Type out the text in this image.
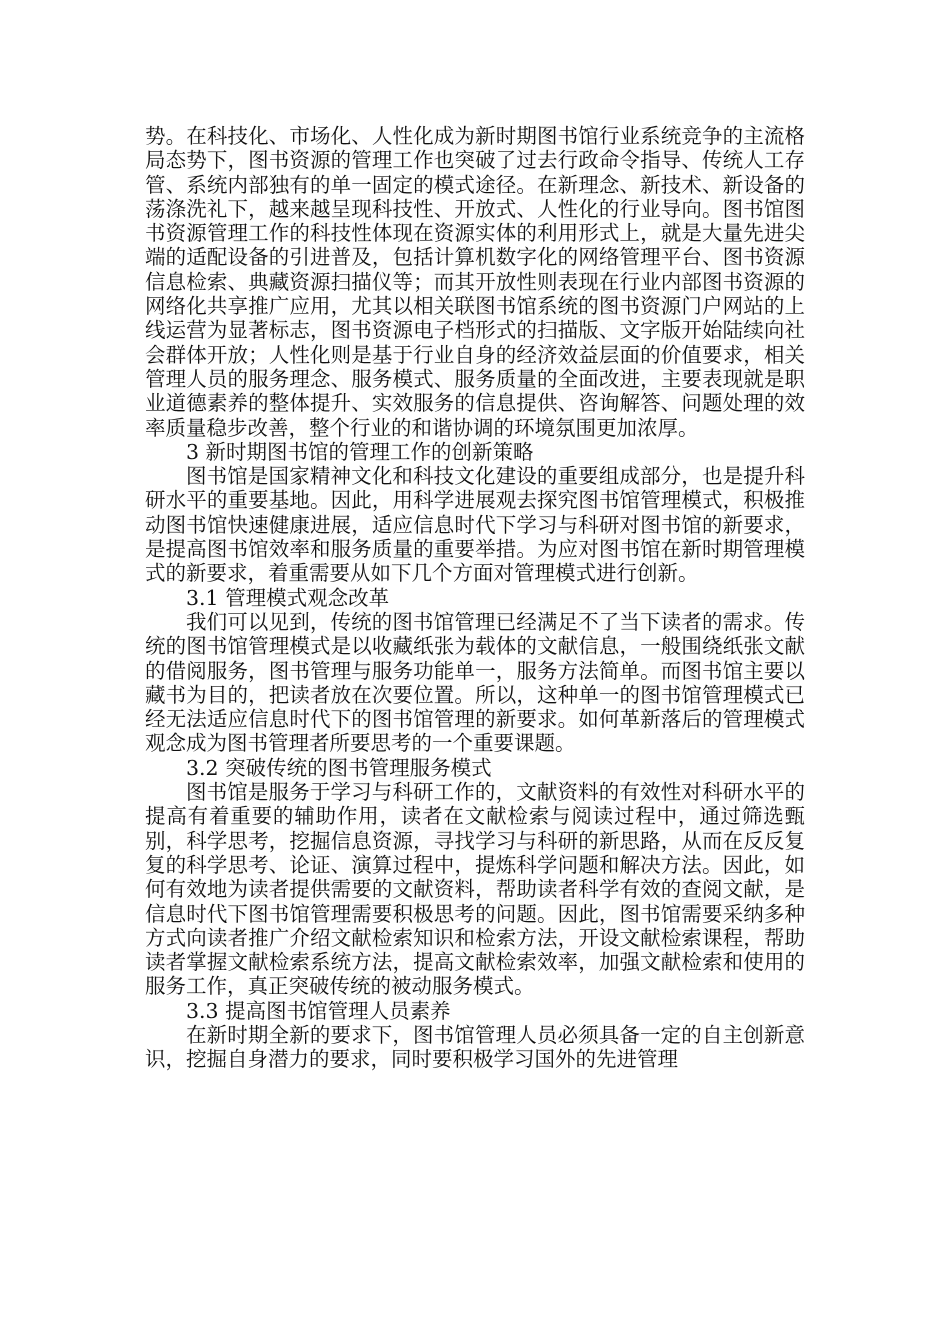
势。在科技化、市场化、人性化成为新时期图书馆行业系统竞争的主流格局态势下，图书资源的管理工作也突破了过去行政命令指导、传统人工存管、系统内部独有的单一固定的模式途径。在新理念、新技术、新设备的荡涤洗礼下，越来越呈现科技性、开放式、人性化的行业导向。图书馆图书资源管理工作的科技性体现在资源实体的利用形式上，就是大量先进尖端的适配设备的引进普及，包括计算机数字化的网络管理平台、图书资源信息检索、典藏资源扫描仪等；而其开放性则表现在行业内部图书资源的网络化共享推广应用，尤其以相关联图书馆系统的图书资源门户网站的上线运营为显著标志，图书资源电子档形式的扫描版、文字版开始陆续向社会群体开放；人性化则是基于行业自身的经济效益层面的价值要求，相关管理人员的服务理念、服务模式、服务质量的全面改进，主要表现就是职业道德素养的整体提升、实效服务的信息提供、咨询解答、问题处理的效率质量稳步改善，整个行业的和谐协调的环境氛围更加浓厚。

3 新时期图书馆的管理工作的创新策略

图书馆是国家精神文化和科技文化建设的重要组成部分，也是提升科研水平的重要基地。因此，用科学进展观去探究图书馆管理模式，积极推动图书馆快速健康进展，适应信息时代下学习与科研对图书馆的新要求，是提高图书馆效率和服务质量的重要举措。为应对图书馆在新时期管理模式的新要求，着重需要从如下几个方面对管理模式进行创新。

3.1 管理模式观念改革

我们可以见到，传统的图书馆管理已经满足不了当下读者的需求。传统的图书馆管理模式是以收藏纸张为载体的文献信息，一般围绕纸张文献的借阅服务，图书管理与服务功能单一，服务方法简单。而图书馆主要以藏书为目的，把读者放在次要位置。所以，这种单一的图书馆管理模式已经无法适应信息时代下的图书馆管理的新要求。如何革新落后的管理模式观念成为图书管理者所要思考的一个重要课题。

3.2 突破传统的图书管理服务模式

图书馆是服务于学习与科研工作的，文献资料的有效性对科研水平的提高有着重要的辅助作用，读者在文献检索与阅读过程中，通过筛选甄别，科学思考，挖掘信息资源，寻找学习与科研的新思路，从而在反反复复的科学思考、论证、演算过程中，提炼科学问题和解决方法。因此，如何有效地为读者提供需要的文献资料，帮助读者科学有效的查阅文献，是信息时代下图书馆管理需要积极思考的问题。因此，图书馆需要采纳多种方式向读者推广介绍文献检索知识和检索方法，开设文献检索课程，帮助读者掌握文献检索系统方法，提高文献检索效率，加强文献检索和使用的服务工作，真正突破传统的被动服务模式。

3.3 提高图书馆管理人员素养

在新时期全新的要求下，图书馆管理人员必须具备一定的自主创新意识，挖掘自身潜力的要求，同时要积极学习国外的先进管理
